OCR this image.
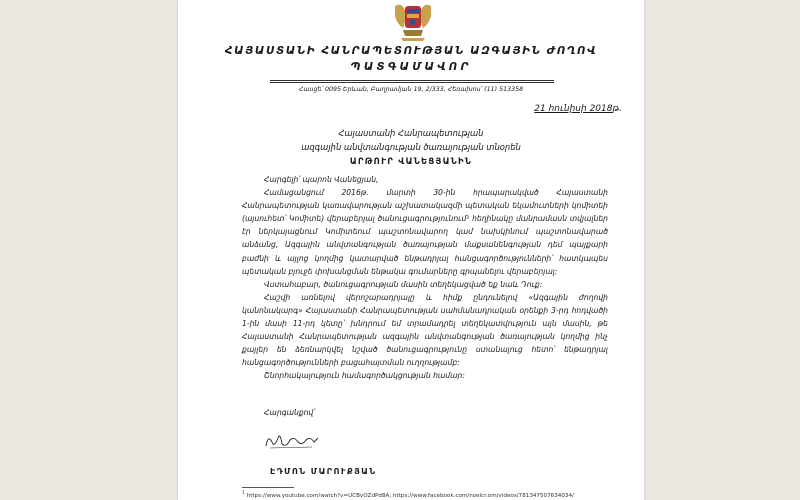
ՀԱՅԱՍՏԱՆԻ ՀԱՆՐԱՊԵՏՈՒԹՅԱՆ ԱԶԳԱՅԻՆ ԺՈՂՈՎ
ՊԱՏԳԱՄԱՎՈՐ
Հասցե՝ 0095 Երևան, Բաղրամյան 19, 2/333, Հեռախոս՝ (11) 513358
21 հունիսի 2018թ.
Հայաստանի Հանրապետության
ազգային անվտանգության ծառայության տնօրեն
ԱՐԹՈՒՐ ՎԱՆԵՑՅԱՆԻՆ

Հարգելի՛ պարոն Վանեցյան,

Համացանցում 2016թ. մարտի 30-ին հրապարակված Հայաստանի Հանրապետության կառավարության աշխատակազմի պետական եկամուտների կոմիտեի (այսուհետ՝ Կոմիտե) վերաբերյալ ծանուցագրությունում¹ հեղինակը մանրամասն տվյալներ էր ներկայացնում Կոմիտեում պաշտոնավարող կամ նախկինում պաշտոնավարած անձանց, Ազգային անվտանգության ծառայության մաքսանենգության դեմ պայքարի բաժնի և այլոց կողմից կատարված ենթադրյալ հանցագործությունների՝ հատկապես պետական բյուջե փոխանցման ենթակա գումարները գրպանելու վերաբերյալ:

Վստահաբար, ծանուցագրության մասին տեղեկացված եք նաև Դուք:

Հաշվի առնելով վերոշարադրյալը և հիմք ընդունելով «Ազգային ժողովի կանոնակարգ» Հայաստանի Հանրապետության սահմանադրական օրենքի 3-րդ հոդվածի 1-ին մասի 11-րդ կետը՝ խնդրում եմ տրամադրել տեղեկատվություն այն մասին, թե Հայաստանի Հանրապետության ազգային անվտանգության ծառայության կողմից ինչ քայլեր են ձեռնարկվել նշված ծանուցագրությունը ստանալուց հետո՝ ենթադրյալ հանցագործությունների բացահայտման ուղղությամբ:

Շնորհակալություն համագործակցության համար:

Հարգանքով՝
ԷԴՄՈՆ ՄԱՐՈՒՔՅԱՆ
$^1$ https://www.youtube.com/watch?v=UCBvOZdPd8A; https://www.facebook.com/noelcr.om/videos/781347507634034/
